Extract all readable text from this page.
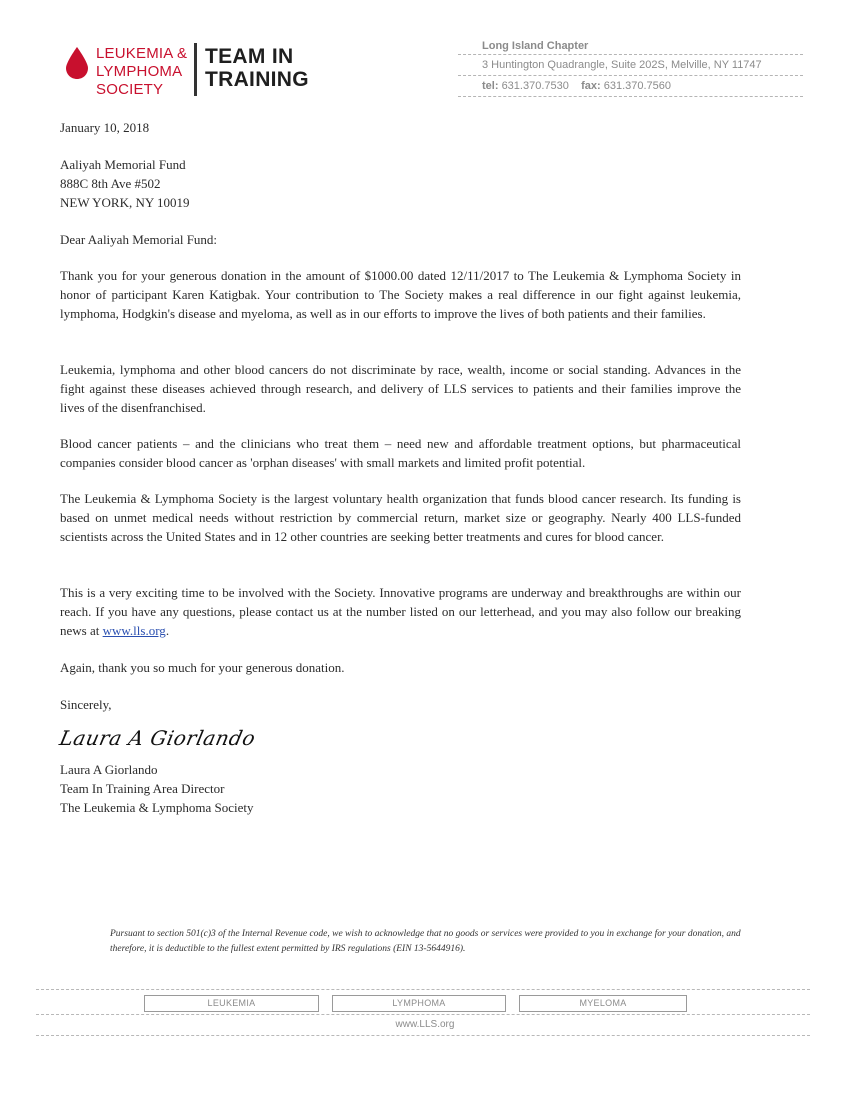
LEUKEMIA &
LYMPHOMA
SOCIETY
TEAM IN
TRAINING
Long Island Chapter
3 Huntington Quadrangle, Suite 202S, Melville, NY 11747
tel: 631.370.7530 fax: 631.370.7560
January 10, 2018
Aaliyah Memorial Fund
888C 8th Ave #502
NEW YORK, NY 10019
Dear Aaliyah Memorial Fund:
Thank you for your generous donation in the amount of $1000.00 dated 12/11/2017 to The Leukemia & Lymphoma Society in honor of participant Karen Katigbak. Your contribution to The Society makes a real difference in our fight against leukemia, lymphoma, Hodgkin's disease and myeloma, as well as in our efforts to improve the lives of both patients and their families.
Leukemia, lymphoma and other blood cancers do not discriminate by race, wealth, income or social standing. Advances in the fight against these diseases achieved through research, and delivery of LLS services to patients and their families improve the lives of the disenfranchised.
Blood cancer patients – and the clinicians who treat them – need new and affordable treatment options, but pharmaceutical companies consider blood cancer as 'orphan diseases' with small markets and limited profit potential.
The Leukemia & Lymphoma Society is the largest voluntary health organization that funds blood cancer research. Its funding is based on unmet medical needs without restriction by commercial return, market size or geography. Nearly 400 LLS-funded scientists across the United States and in 12 other countries are seeking better treatments and cures for blood cancer.
This is a very exciting time to be involved with the Society. Innovative programs are underway and breakthroughs are within our reach. If you have any questions, please contact us at the number listed on our letterhead, and you may also follow our breaking news at www.lls.org.
Again, thank you so much for your generous donation.
Sincerely,
Laura A Giorlando
Laura A Giorlando
Team In Training Area Director
The Leukemia & Lymphoma Society
Pursuant to section 501(c)3 of the Internal Revenue code, we wish to acknowledge that no goods or services were provided to you in exchange for your donation, and therefore, it is deductible to the fullest extent permitted by IRS regulations (EIN 13-5644916).
LEUKEMIA	LYMPHOMA	MYELOMA
www.LLS.org
